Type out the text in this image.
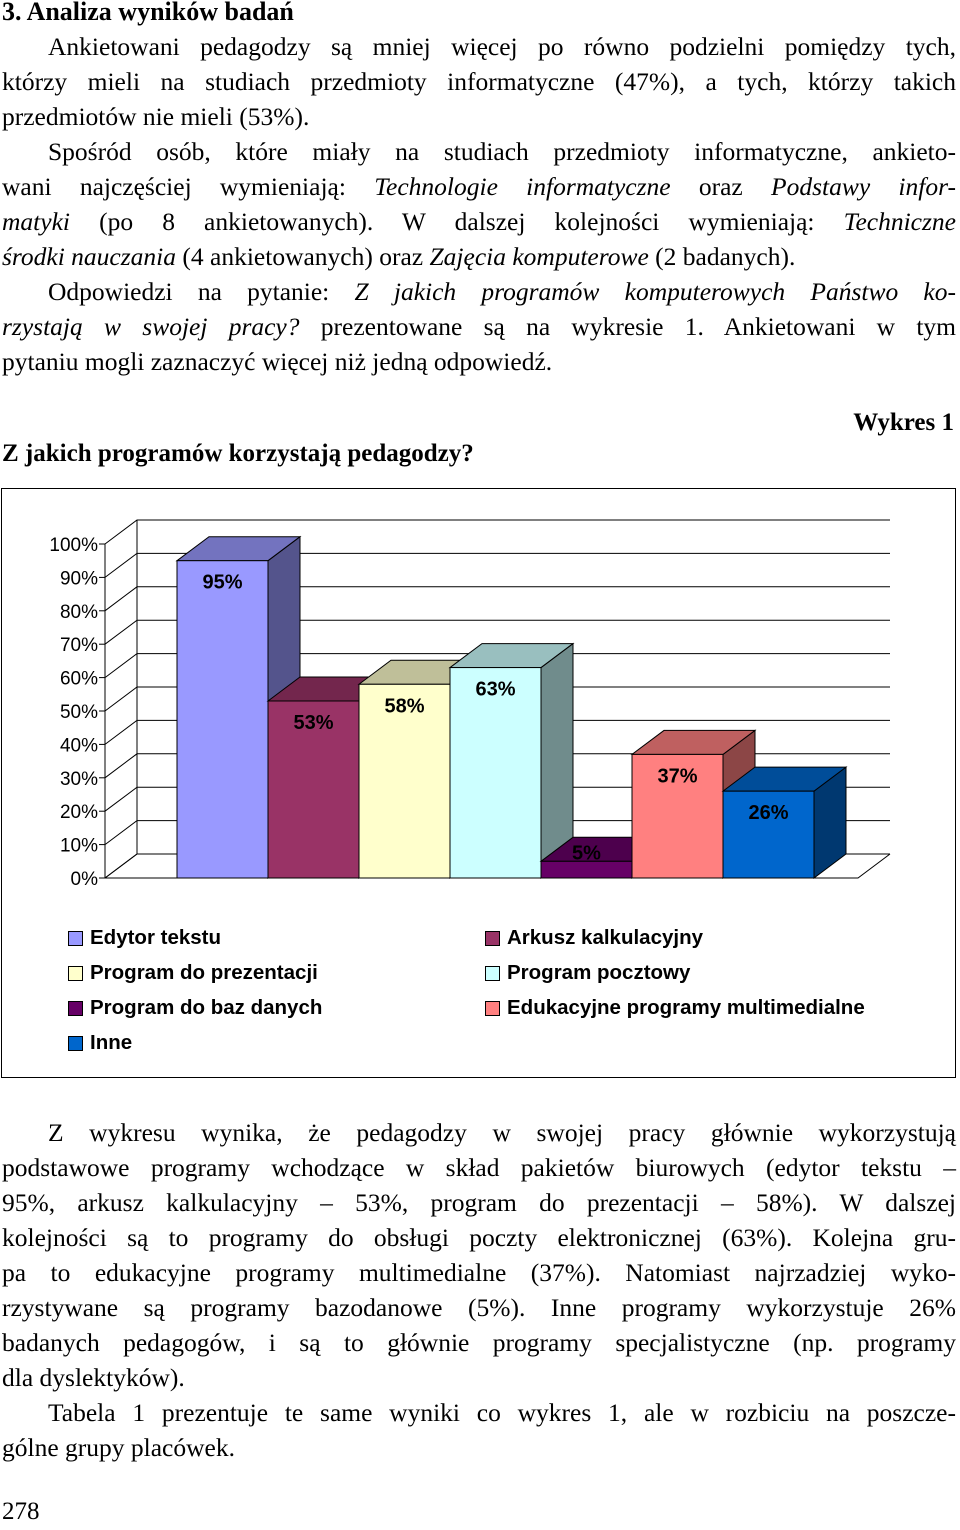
3. Analiza wyników badań
Ankietowani pedagodzy są mniej więcej po równo podzielni pomiędzy tych,
którzy mieli na studiach przedmioty informatyczne (47%), a tych, którzy takich
przedmiotów nie mieli (53%).
Spośród osób, które miały na studiach przedmioty informatyczne, ankieto-
wani najczęściej wymieniają: Technologie informatyczne oraz Podstawy infor-
matyki (po 8 ankietowanych). W dalszej kolejności wymieniają: Techniczne
środki nauczania (4 ankietowanych) oraz Zajęcia komputerowe (2 badanych).
Odpowiedzi na pytanie: Z jakich programów komputerowych Państwo ko-
rzystają w swojej pracy? prezentowane są na wykresie 1. Ankietowani w tym
pytaniu mogli zaznaczyć więcej niż jedną odpowiedź.
Wykres 1
Z jakich programów korzystają pedagodzy?
0%
10%
20%
30%
40%
50%
60%
70%
80%
90%
100%
95%
53%
58%
63%
5%
37%
26%
Edytor tekstu	Arkusz kalkulacyjny
Program do prezentacji	Program pocztowy
Program do baz danych	Edukacyjne programy multimedialne
Inne
Z wykresu wynika, że pedagodzy w swojej pracy głównie wykorzystują
podstawowe programy wchodzące w skład pakietów biurowych (edytor tekstu –
95%, arkusz kalkulacyjny – 53%, program do prezentacji – 58%). W dalszej
kolejności są to programy do obsługi poczty elektronicznej (63%). Kolejna gru-
pa to edukacyjne programy multimedialne (37%). Natomiast najrzadziej wyko-
rzystywane są programy bazodanowe (5%). Inne programy wykorzystuje 26%
badanych pedagogów, i są to głównie programy specjalistyczne (np. programy
dla dyslektyków).
Tabela 1 prezentuje te same wyniki co wykres 1, ale w rozbiciu na poszcze-
gólne grupy placówek.
278
